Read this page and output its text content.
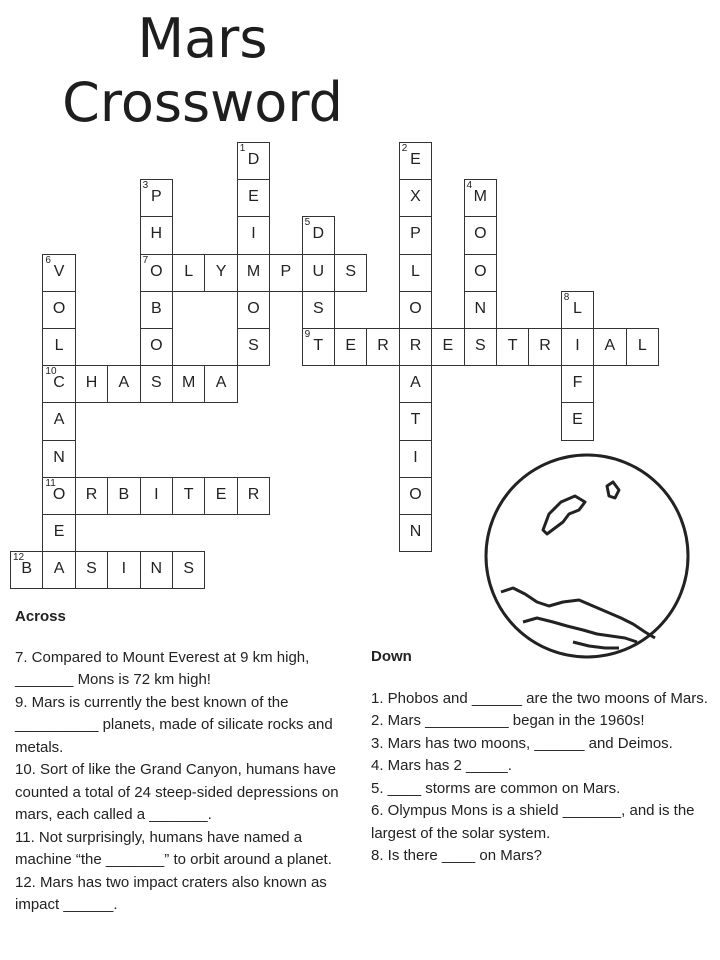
Mars
Crossword
1
D
2
E
3
P	E	X
4
M
H	I
5
D	P	O
6
V
7
O	L	Y	M	P	U	S	L	O
O	B	O	S	O	N
8
L
L	O	S
9
T	E	R	R	E	S	T	R	I	A	L
10
C	H	A	S	M	A	A	F
A	T	E
N	I
11
O	R	B	I	T	E	R	O
E	N
12
B	A	S	I	N	S
Across

7. Compared to Mount Everest at 9 km high, _______ Mons is 72 km high!

9. Mars is currently the best known of the __________ planets, made of silicate rocks and metals.

10. Sort of like the Grand Canyon, humans have counted a total of 24 steep-sided depressions on mars, each called a _______.

11. Not surprisingly, humans have named a machine “the _______” to orbit around a planet.

12. Mars has two impact craters also known as impact ______.

Down

1. Phobos and ______ are the two moons of Mars.

2. Mars __________ began in the 1960s!

3. Mars has two moons, ______ and Deimos.

4. Mars has 2 _____.

5. ____ storms are common on Mars.

6. Olympus Mons is a shield _______, and is the largest of the solar system.

8. Is there ____ on Mars?
